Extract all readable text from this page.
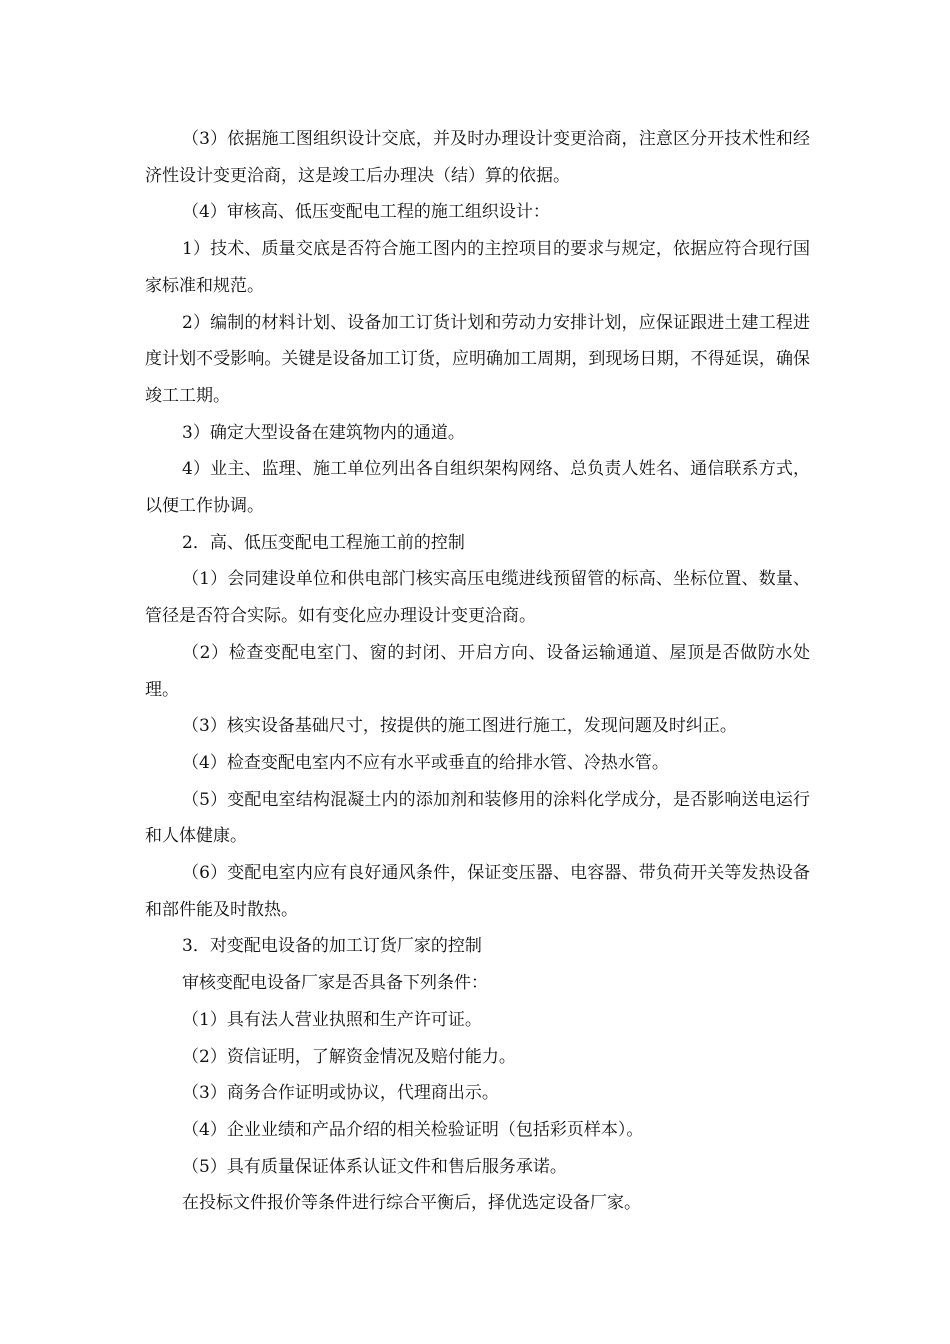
（3）依据施工图组织设计交底，并及时办理设计变更洽商，注意区分开技术性和经济性设计变更洽商，这是竣工后办理决（结）算的依据。

（4）审核高、低压变配电工程的施工组织设计：

1）技术、质量交底是否符合施工图内的主控项目的要求与规定，依据应符合现行国家标准和规范。

2）编制的材料计划、设备加工订货计划和劳动力安排计划，应保证跟进土建工程进度计划不受影响。关键是设备加工订货，应明确加工周期，到现场日期，不得延误，确保竣工工期。

3）确定大型设备在建筑物内的通道。

4）业主、监理、施工单位列出各自组织架构网络、总负责人姓名、通信联系方式，以便工作协调。

2．高、低压变配电工程施工前的控制

（1）会同建设单位和供电部门核实高压电缆进线预留管的标高、坐标位置、数量、管径是否符合实际。如有变化应办理设计变更洽商。

（2）检查变配电室门、窗的封闭、开启方向、设备运输通道、屋顶是否做防水处理。

（3）核实设备基础尺寸，按提供的施工图进行施工，发现问题及时纠正。

（4）检查变配电室内不应有水平或垂直的给排水管、冷热水管。

（5）变配电室结构混凝土内的添加剂和装修用的涂料化学成分，是否影响送电运行和人体健康。

（6）变配电室内应有良好通风条件，保证变压器、电容器、带负荷开关等发热设备和部件能及时散热。

3．对变配电设备的加工订货厂家的控制

审核变配电设备厂家是否具备下列条件：

（1）具有法人营业执照和生产许可证。

（2）资信证明，了解资金情况及赔付能力。

（3）商务合作证明或协议，代理商出示。

（4）企业业绩和产品介绍的相关检验证明（包括彩页样本）。

（5）具有质量保证体系认证文件和售后服务承诺。

在投标文件报价等条件进行综合平衡后，择优选定设备厂家。
